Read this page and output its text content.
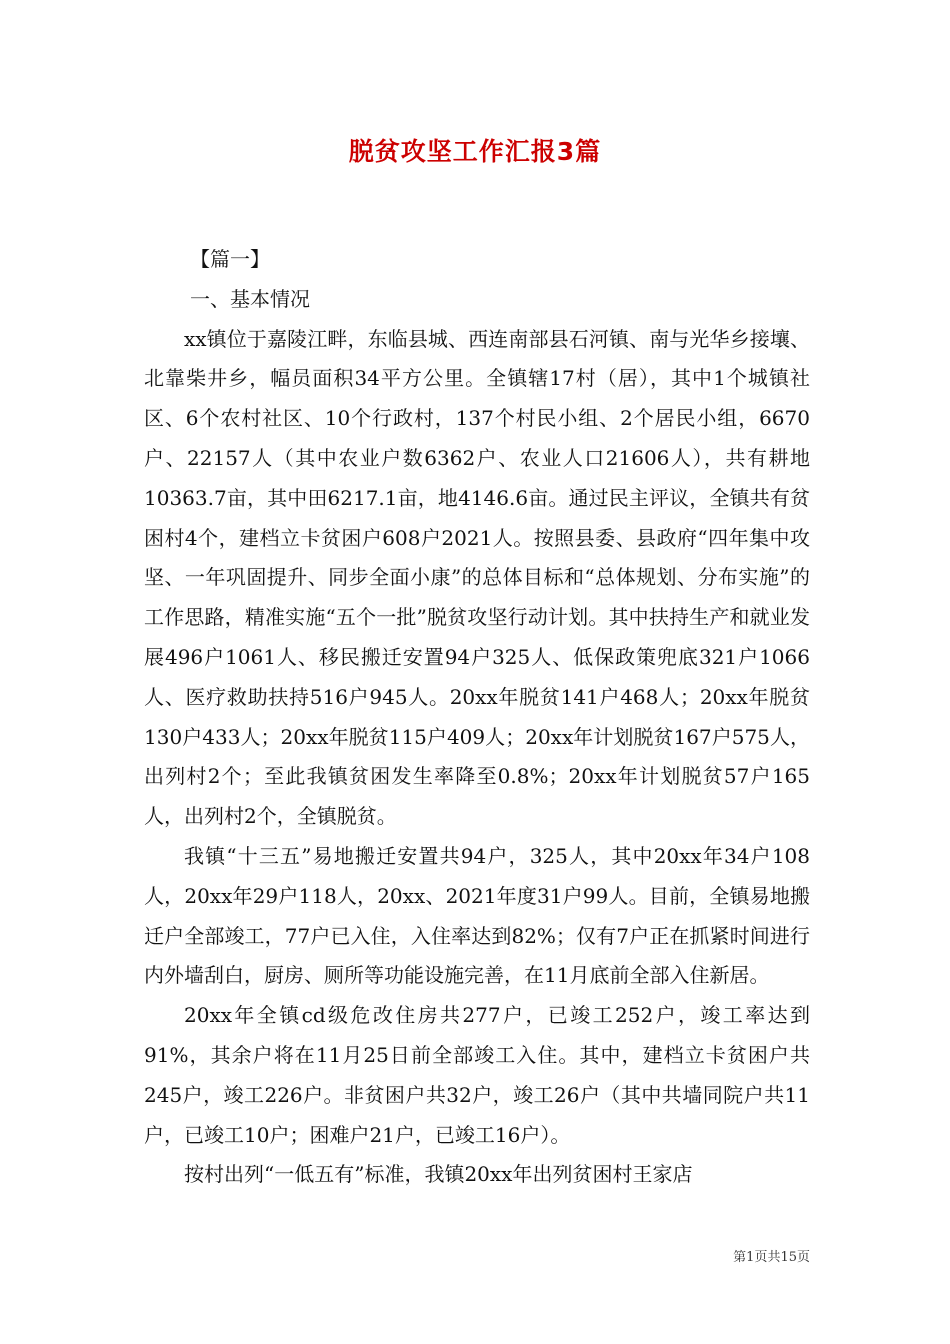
脱贫攻坚工作汇报3篇

【篇一】

一、基本情况

xx镇位于嘉陵江畔，东临县城、西连南部县石河镇、南与光华乡接壤、北靠柴井乡，幅员面积34平方公里。全镇辖17村（居），其中1个城镇社区、6个农村社区、10个行政村，137个村民小组、2个居民小组，6670户、22157人（其中农业户数6362户、农业人口21606人），共有耕地10363.7亩，其中田6217.1亩，地4146.6亩。通过民主评议，全镇共有贫困村4个，建档立卡贫困户608户2021人。按照县委、县政府“四年集中攻坚、一年巩固提升、同步全面小康”的总体目标和“总体规划、分布实施”的工作思路，精准实施“五个一批”脱贫攻坚行动计划。其中扶持生产和就业发展496户1061人、移民搬迁安置94户325人、低保政策兜底321户1066人、医疗救助扶持516户945人。20xx年脱贫141户468人；20xx年脱贫130户433人；20xx年脱贫115户409人；20xx年计划脱贫167户575人，出列村2个；至此我镇贫困发生率降至0.8%；20xx年计划脱贫57户165人，出列村2个，全镇脱贫。

我镇“十三五”易地搬迁安置共94户，325人，其中20xx年34户108人，20xx年29户118人，20xx、2021年度31户99人。目前，全镇易地搬迁户全部竣工，77户已入住，入住率达到82%；仅有7户正在抓紧时间进行内外墙刮白，厨房、厕所等功能设施完善，在11月底前全部入住新居。

20xx年全镇cd级危改住房共277户，已竣工252户，竣工率达到91%，其余户将在11月25日前全部竣工入住。其中，建档立卡贫困户共245户，竣工226户。非贫困户共32户，竣工26户（其中共墙同院户共11户，已竣工10户；困难户21户，已竣工16户）。

按村出列“一低五有”标准，我镇20xx年出列贫困村王家店

第1页共15页
